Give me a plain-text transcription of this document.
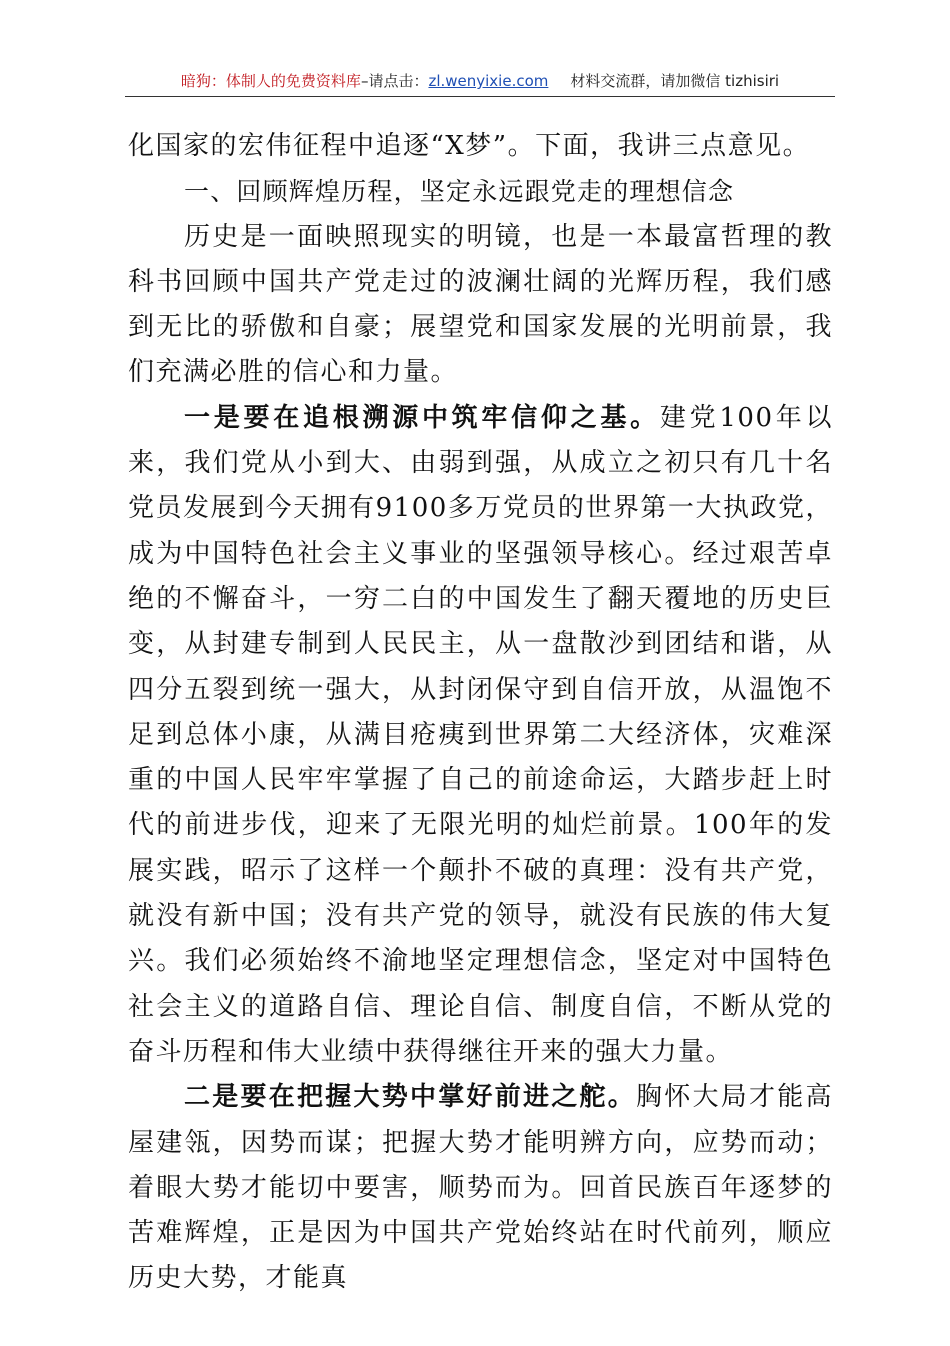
暗狗：体制人的免费资料库–请点击：zl.wenyixie.com 材料交流群，请加微信 tizhisiri

化国家的宏伟征程中追逐“X梦”。下面，我讲三点意见。

一、回顾辉煌历程，坚定永远跟党走的理想信念

历史是一面映照现实的明镜，也是一本最富哲理的教科书回顾中国共产党走过的波澜壮阔的光辉历程，我们感到无比的骄傲和自豪；展望党和国家发展的光明前景，我们充满必胜的信心和力量。

一是要在追根溯源中筑牢信仰之基。建党100年以来，我们党从小到大、由弱到强，从成立之初只有几十名党员发展到今天拥有9100多万党员的世界第一大执政党，成为中国特色社会主义事业的坚强领导核心。经过艰苦卓绝的不懈奋斗，一穷二白的中国发生了翻天覆地的历史巨变，从封建专制到人民民主，从一盘散沙到团结和谐，从四分五裂到统一强大，从封闭保守到自信开放，从温饱不足到总体小康，从满目疮痍到世界第二大经济体，灾难深重的中国人民牢牢掌握了自己的前途命运，大踏步赶上时代的前进步伐，迎来了无限光明的灿烂前景。100年的发展实践，昭示了这样一个颠扑不破的真理：没有共产党，就没有新中国；没有共产党的领导，就没有民族的伟大复兴。我们必须始终不渝地坚定理想信念，坚定对中国特色社会主义的道路自信、理论自信、制度自信，不断从党的奋斗历程和伟大业绩中获得继往开来的强大力量。

二是要在把握大势中掌好前进之舵。胸怀大局才能高屋建瓴，因势而谋；把握大势才能明辨方向，应势而动；着眼大势才能切中要害，顺势而为。回首民族百年逐梦的苦难辉煌，正是因为中国共产党始终站在时代前列，顺应历史大势，才能真
